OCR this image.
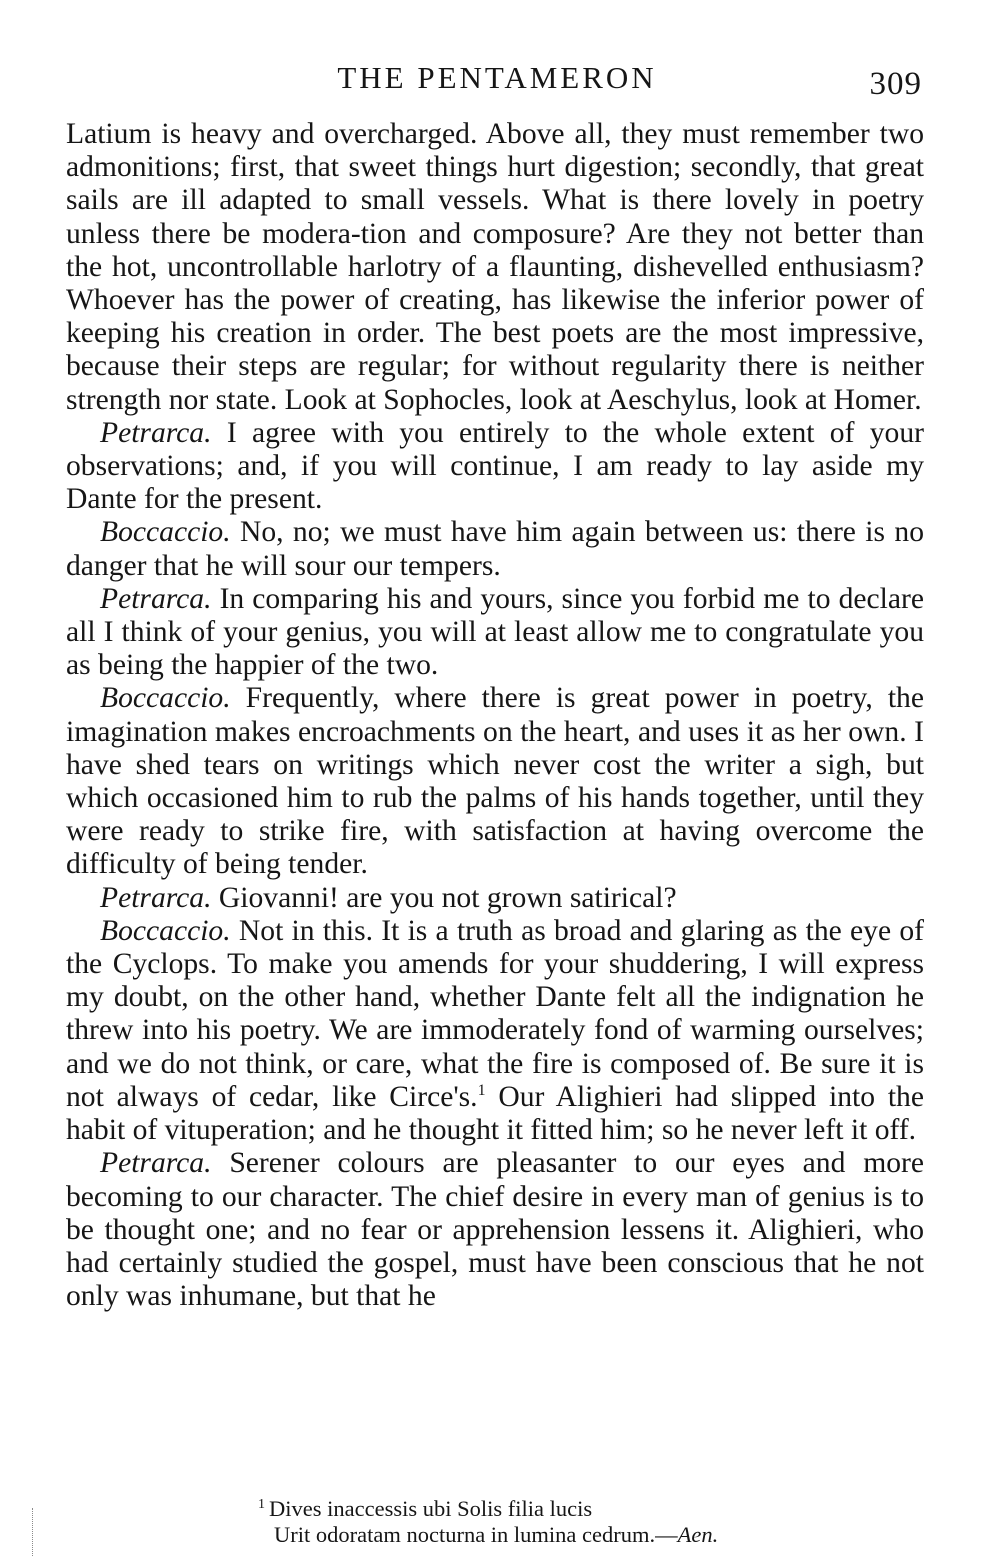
THE PENTAMERON	309

Latium is heavy and overcharged. Above all, they must remember two admonitions; first, that sweet things hurt digestion; secondly, that great sails are ill adapted to small vessels. What is there lovely in poetry unless there be modera-tion and composure? Are they not better than the hot, uncontrollable harlotry of a flaunting, dishevelled enthusiasm? Whoever has the power of creating, has likewise the inferior power of keeping his creation in order. The best poets are the most impressive, because their steps are regular; for without regularity there is neither strength nor state. Look at Sophocles, look at Aeschylus, look at Homer.

Petrarca. I agree with you entirely to the whole extent of your observations; and, if you will continue, I am ready to lay aside my Dante for the present.

Boccaccio. No, no; we must have him again between us: there is no danger that he will sour our tempers.

Petrarca. In comparing his and yours, since you forbid me to declare all I think of your genius, you will at least allow me to congratulate you as being the happier of the two.

Boccaccio. Frequently, where there is great power in poetry, the imagination makes encroachments on the heart, and uses it as her own. I have shed tears on writings which never cost the writer a sigh, but which occasioned him to rub the palms of his hands together, until they were ready to strike fire, with satisfaction at having overcome the difficulty of being tender.

Petrarca. Giovanni! are you not grown satirical?

Boccaccio. Not in this. It is a truth as broad and glaring as the eye of the Cyclops. To make you amends for your shuddering, I will express my doubt, on the other hand, whether Dante felt all the indignation he threw into his poetry. We are immoderately fond of warming ourselves; and we do not think, or care, what the fire is composed of. Be sure it is not always of cedar, like Circe's.$^1$ Our Alighieri had slipped into the habit of vituperation; and he thought it fitted him; so he never left it off.

Petrarca. Serener colours are pleasanter to our eyes and more becoming to our character. The chief desire in every man of genius is to be thought one; and no fear or apprehension lessens it. Alighieri, who had certainly studied the gospel, must have been conscious that he not only was inhumane, but that he

$^1$ Dives inaccessis ubi Solis filia lucis
Urit odoratam nocturna in lumina cedrum.—Aen.
